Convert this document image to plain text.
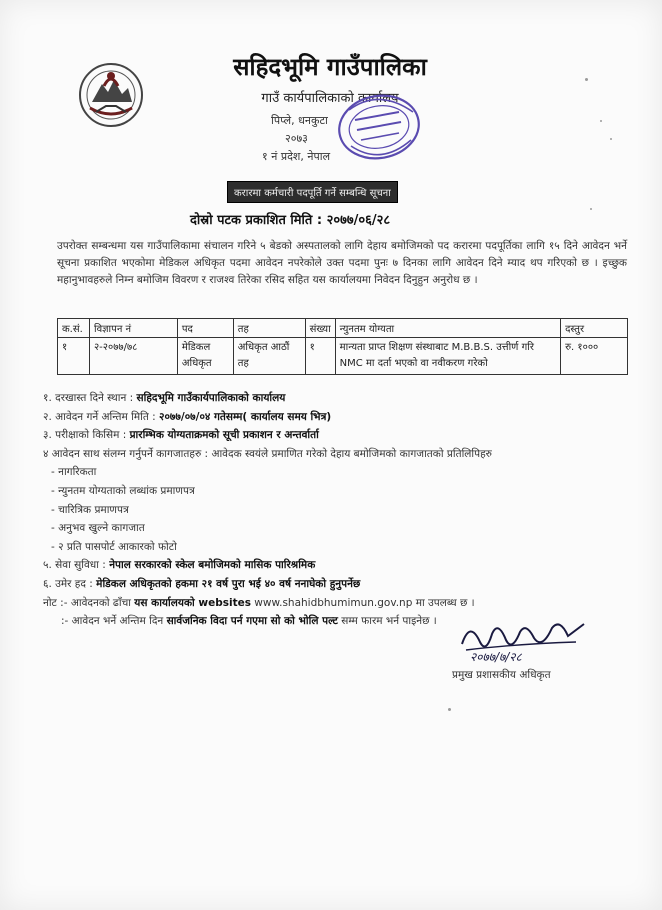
सहिदभूमि गाउँपालिका
गाउँ कार्यपालिकाको कार्यालय
पिप्ले, धनकुटा
२०७३
१ नं प्रदेश, नेपाल
करारमा कर्मचारी पदपूर्ति गर्ने सम्बन्धि सूचना
दोस्रो पटक प्रकाशित मिति : २०७७/०६/२८
उपरोक्त सम्बन्धमा यस गाउँपालिकामा संचालन गरिने ५ बेडको अस्पतालको लागि देहाय बमोजिमको पद करारमा पदपूर्तिका लागि १५ दिने आवेदन भर्ने सूचना प्रकाशित भएकोमा मेडिकल अधिकृत पदमा आवेदन नपरेकोले उक्त पदमा पुनः ७ दिनका लागि आवेदन दिने म्याद थप गरिएको छ । इच्छुक महानुभावहरुले निम्न बमोजिम विवरण र राजश्व तिरेका रसिद सहित यस कार्यालयमा निवेदन दिनुहुन अनुरोध छ ।
क.सं.	विज्ञापन नं	पद	तह	संख्या	न्युनतम योग्यता	दस्तुर
१	२-२०७७/७८	मेडिकल अधिकृत	अधिकृत आठौं तह	१	मान्यता प्राप्त शिक्षण संस्थाबाट M.B.B.S. उत्तीर्ण गरि NMC मा दर्ता भएको वा नवीकरण गरेको	रु. १०००
१. दरखास्त दिने स्थान : सहिदभूमि गाउँकार्यपालिकाको कार्यालय
२. आवेदन गर्ने अन्तिम मिति : २०७७/०७/०४ गतेसम्म( कार्यालय समय भित्र)
३. परीक्षाको किसिम : प्रारम्भिक योग्यताक्रमको सूची प्रकाशन र अन्तर्वार्ता
४ आवेदन साथ संलग्न गर्नुपर्ने कागजातहरु : आवेदक स्वयंले प्रमाणित गरेको देहाय बमोजिमको कागजातको प्रतिलिपिहरु
- नागरिकता
- न्युनतम योग्यताको लब्धांक प्रमाणपत्र
- चारित्रिक प्रमाणपत्र
- अनुभव खुल्ने कागजात
- २ प्रति पासपोर्ट आकारको फोटो
५. सेवा सुविधा : नेपाल सरकारको स्केल बमोजिमको मासिक पारिश्रमिक
६. उमेर हद : मेडिकल अधिकृतको हकमा २१ वर्ष पुरा भई ४० वर्ष ननाघेको हुनुपर्नेछ
नोट :- आवेदनको ढाँचा यस कार्यालयको websites www.shahidbhumimun.gov.np मा उपलब्ध छ ।
:- आवेदन भर्ने अन्तिम दिन सार्वजनिक विदा पर्न गएमा सो को भोलि पल्ट सम्म फारम भर्न पाइनेछ ।
२०७७/७/२८
प्रमुख प्रशासकीय अधिकृत
